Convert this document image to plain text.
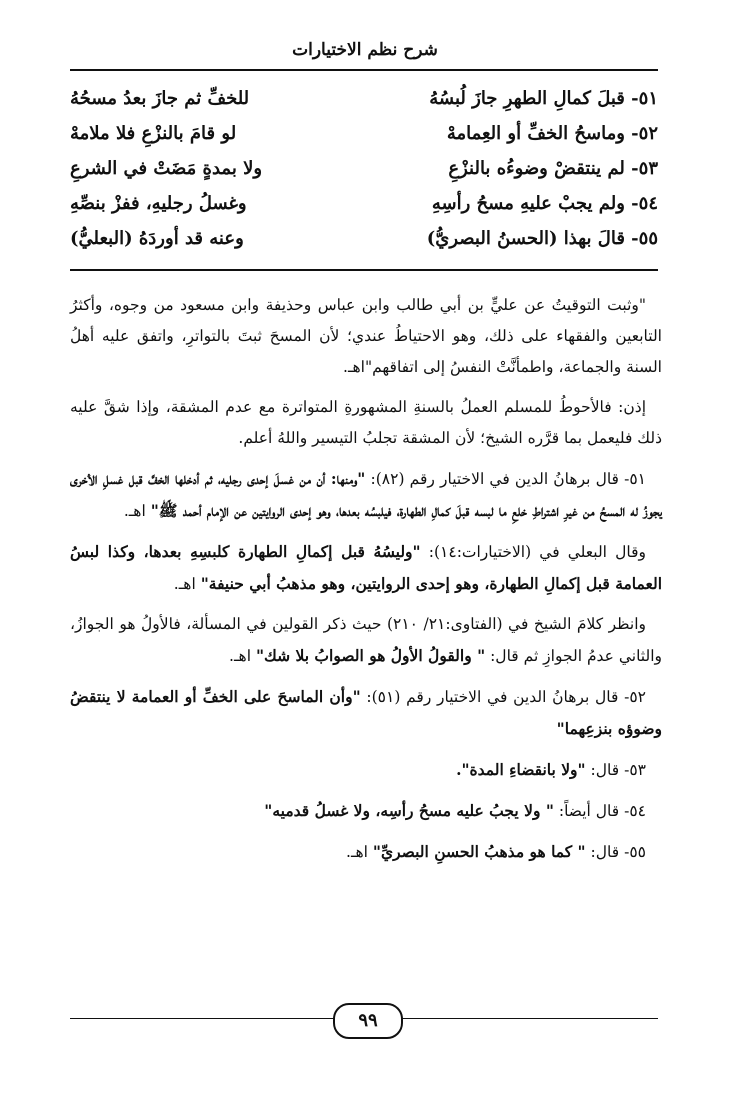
شرح نظم الاختيارات
٥١- قبلَ كمالِ الطهرِ جازَ لُبسُهُ
للخفِّ ثم جازَ بعدُ مسحُهُ
٥٢- وماسحُ الخفِّ أو العِمامهْ
لو قامَ بالنزْعِ فلا ملامهْ
٥٣- لم ينتقضْ وضوءُه بالنزْعِ
ولا بمدةٍ مَضَتْ في الشرعِ
٥٤- ولم يجبْ عليهِ مسحُ رأسِهِ
وغسلُ رجليهِ، ففزْ بنصِّهِ
٥٥- قالَ بهذا (الحسنُ البصريُّ)
وعنه قد أوردَهُ (البعليُّ)

"وثبت التوقيتُ عن عليٍّ بن أبي طالب وابن عباس وحذيفة وابن مسعود من وجوه، وأكثرُ التابعين والفقهاء على ذلك، وهو الاحتياطُ عندي؛ لأن المسحَ ثبتَ بالتواترِ، واتفق عليه أهلُ السنة والجماعة، واطمأنَّتْ النفسُ إلى اتفاقهم"اهـ.

إذن: فالأحوطُ للمسلم العملُ بالسنةِ المشهورةِ المتواترة مع عدم المشقة، وإذا شقَّ عليه ذلك فليعمل بما قرَّره الشيخ؛ لأن المشقة تجلبُ التيسير واللهُ أعلم.

٥١- قال برهانُ الدين في الاختيار رقم (٨٢): "ومنها: أن من غسلَ إحدى رجليه، ثم أدخلها الخفَّ قبل غسلِ الأخرى يجوزُ له المسحُ من غيرِ اشتراطِ خلعِ ما لبسه قبلَ كمالِ الطهارة، فيلبسُه بعدها، وهو إحدى الروايتين عن الإمام أحمد ﷺ" اهـ.

وقال البعلي في (الاختيارات:١٤): "وليسُهُ قبل إكمالِ الطهارة كلبسِهِ بعدها، وكذا لبسُ العمامة قبل إكمالِ الطهارة، وهو إحدى الروايتين، وهو مذهبُ أبي حنيفة" اهـ.

وانظر كلامَ الشيخ في (الفتاوى:٢١/ ٢١٠) حيث ذكر القولين في المسألة، فالأولُ هو الجوازُ، والثاني عدمُ الجوازِ ثم قال: " والقولُ الأولُ هو الصوابُ بلا شك" اهـ.

٥٢- قال برهانُ الدين في الاختيار رقم (٥١): "وأن الماسحَ على الخفِّ أو العمامة لا ينتقضُ وضوؤه بنزعِهما"

٥٣- قال: "ولا بانقضاءِ المدة".

٥٤- قال أيضاً: " ولا يجبُ عليه مسحُ رأسِه، ولا غسلُ قدميه"

٥٥- قال: " كما هو مذهبُ الحسنِ البصريِّ" اهـ.

٩٩
